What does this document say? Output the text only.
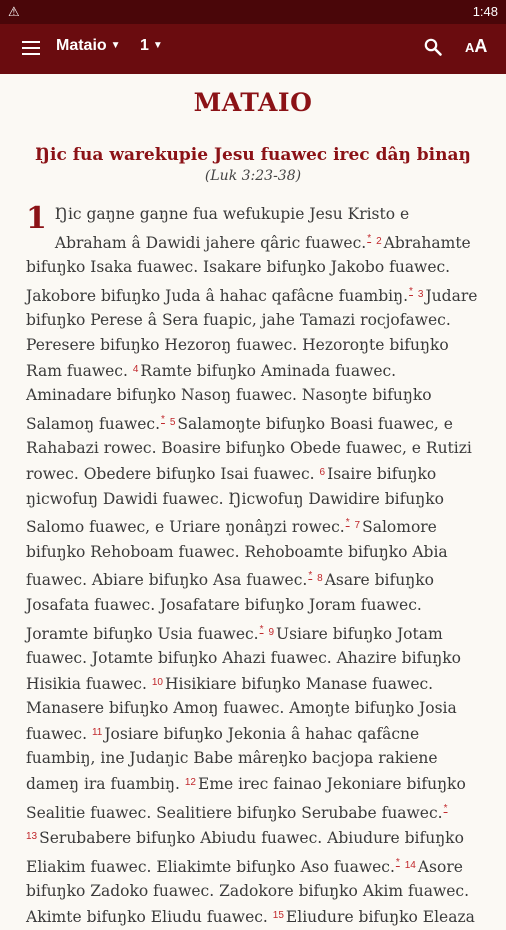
⚠	1:48
Mataio ▼ 1 ▼	AA
MATAIO
Ŋic fua warekupie Jesu fuawec irec dâŋ binaŋ
(Luk 3:23-38)
1 Ŋic gaŋne gaŋne fua wefukupie Jesu Kristo e Abraham â Dawidi jahere qâric fuawec.* $^2$ Abrahamte bifuŋko Isaka fuawec. Isakare bifuŋko Jakobo fuawec. Jakobore bifuŋko Juda â hahac qafâcne fuambiŋ.* $^3$ Judare bifuŋko Perese â Sera fuapic, jahe Tamazi rocjofawec. Peresere bifuŋko Hezoroŋ fuawec. Hezoroŋte bifuŋko Ram fuawec. $^4$ Ramte bifuŋko Aminada fuawec. Aminadare bifuŋko Nasoŋ fuawec. Nasoŋte bifuŋko Salamoŋ fuawec.* $^5$ Salamoŋte bifuŋko Boasi fuawec, e Rahabazi rowec. Boasire bifuŋko Obede fuawec, e Rutizi rowec. Obedere bifuŋko Isai fuawec. $^6$ Isaire bifuŋko ŋicwofuŋ Dawidi fuawec. Ŋicwofuŋ Dawidire bifuŋko Salomo fuawec, e Uriare ŋonâŋzi rowec.* $^7$ Salomore bifuŋko Rehoboam fuawec. Rehoboamte bifuŋko Abia fuawec. Abiare bifuŋko Asa fuawec.* $^8$ Asare bifuŋko Josafata fuawec. Josafatare bifuŋko Joram fuawec. Joramte bifuŋko Usia fuawec.* $^9$ Usiare bifuŋko Jotam fuawec. Jotamte bifuŋko Ahazi fuawec. Ahazire bifuŋko Hisikia fuawec. $^{10}$ Hisikiare bifuŋko Manase fuawec. Manasere bifuŋko Amoŋ fuawec. Amoŋte bifuŋko Josia fuawec. $^{11}$ Josiare bifuŋko Jekonia â hahac qafâcne fuambiŋ, ine Judaŋic Babe mâreŋko bacjopa rakiene dameŋ ira fuambiŋ. $^{12}$ Eme irec fainao Jekoniare bifuŋko Sealitie fuawec. Sealitiere bifuŋko Serubabe fuawec.* $^{13}$ Serubabere bifuŋko Abiudu fuawec. Abiudure bifuŋko Eliakim fuawec. Eliakimte bifuŋko Aso fuawec.* $^{14}$ Asore bifuŋko Zadoko fuawec. Zadokore bifuŋko Akim fuawec. Akimte bifuŋko Eliudu fuawec. $^{15}$ Eliudure bifuŋko Eleaza
